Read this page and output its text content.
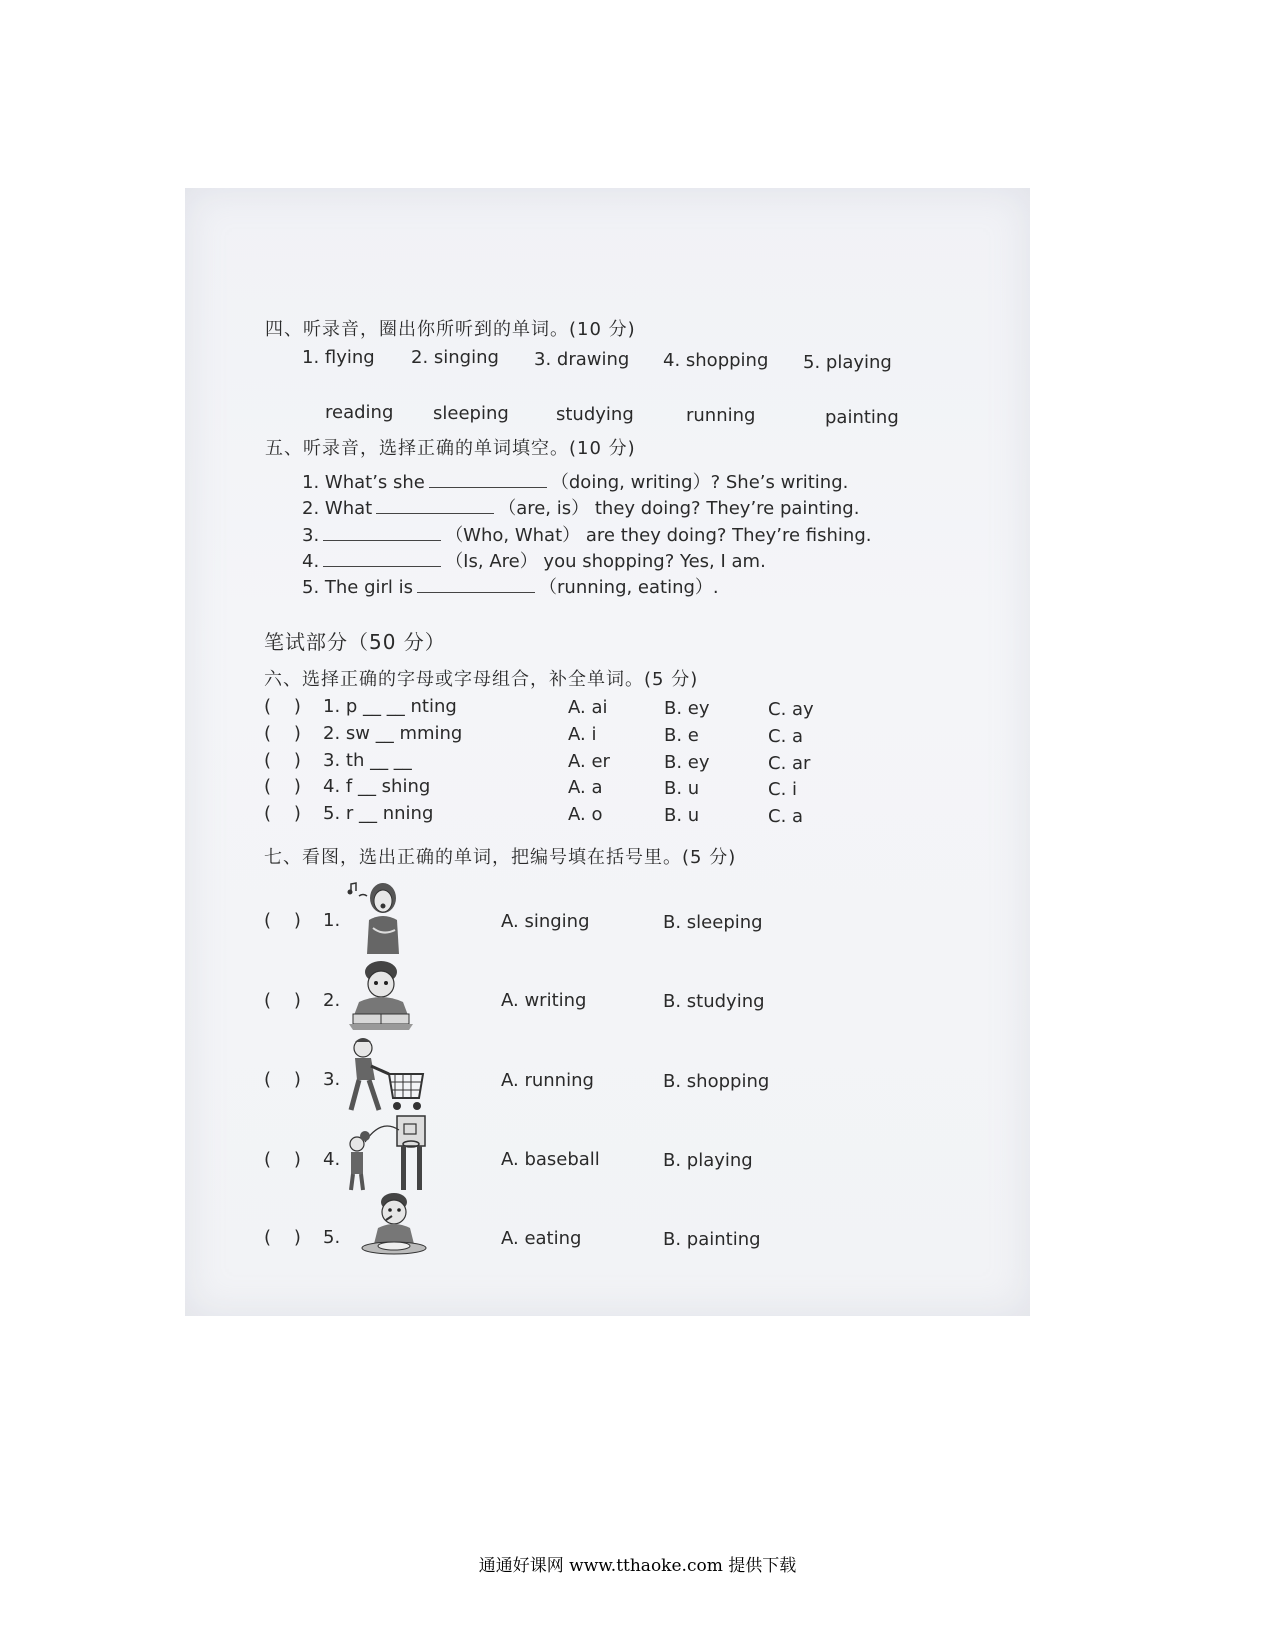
四、听录音，圈出你所听到的单词。(10 分)
1. flying 2. singing 3. drawing 4. shopping 5. playing
reading sleeping	studying	running	painting
五、听录音，选择正确的单词填空。(10 分)
1. What’s she	（doing, writing）? She’s writing.
2. What	（are, is） they doing? They’re painting.
3.	（Who, What） are they doing? They’re fishing.
4.	（Is, Are） you shopping? Yes, I am.
5. The girl is	（running, eating）.
笔试部分（50 分）
六、选择正确的字母或字母组合，补全单词。(5 分)
(    ) 1. p __ __ nting	A. ai	B. ey	C. ay
(    ) 2. sw __ mming	A. i	B. e	C. a
(    ) 3. th __ __	A. er	B. ey	C. ar
(    ) 4. f __ shing	A. a	B. u	C. i
(    ) 5. r __ nning	A. o	B. u	C. a
七、看图，选出正确的单词，把编号填在括号里。(5 分)
(    ) 1.	A. singing	B. sleeping
(    ) 2.	A. writing	B. studying
(    ) 3.	A. running	B. shopping
(    ) 4.	A. baseball	B. playing
(    ) 5.	A. eating	B. painting
通通好课网 www.tthaoke.com 提供下载
